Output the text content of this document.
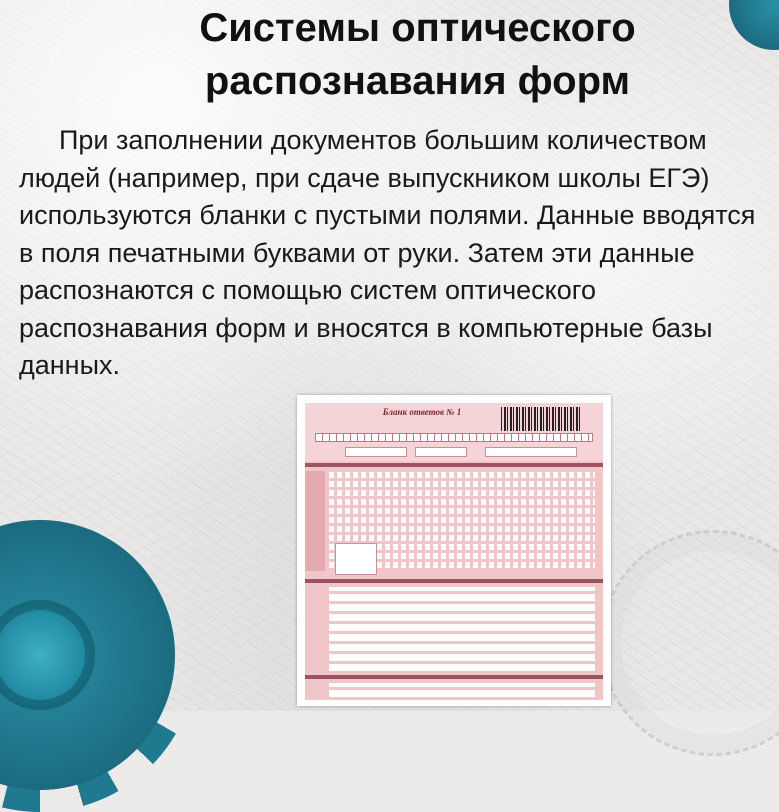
Системы оптического
распознавания форм

При заполнении документов большим количеством людей (например, при сдаче выпускником школы ЕГЭ) используются бланки с пустыми полями. Данные вводятся в поля печатными буквами от руки. Затем эти данные распознаются с помощью систем оптического распознавания форм и вносятся в компьютерные базы данных.

Бланк ответов № 1
